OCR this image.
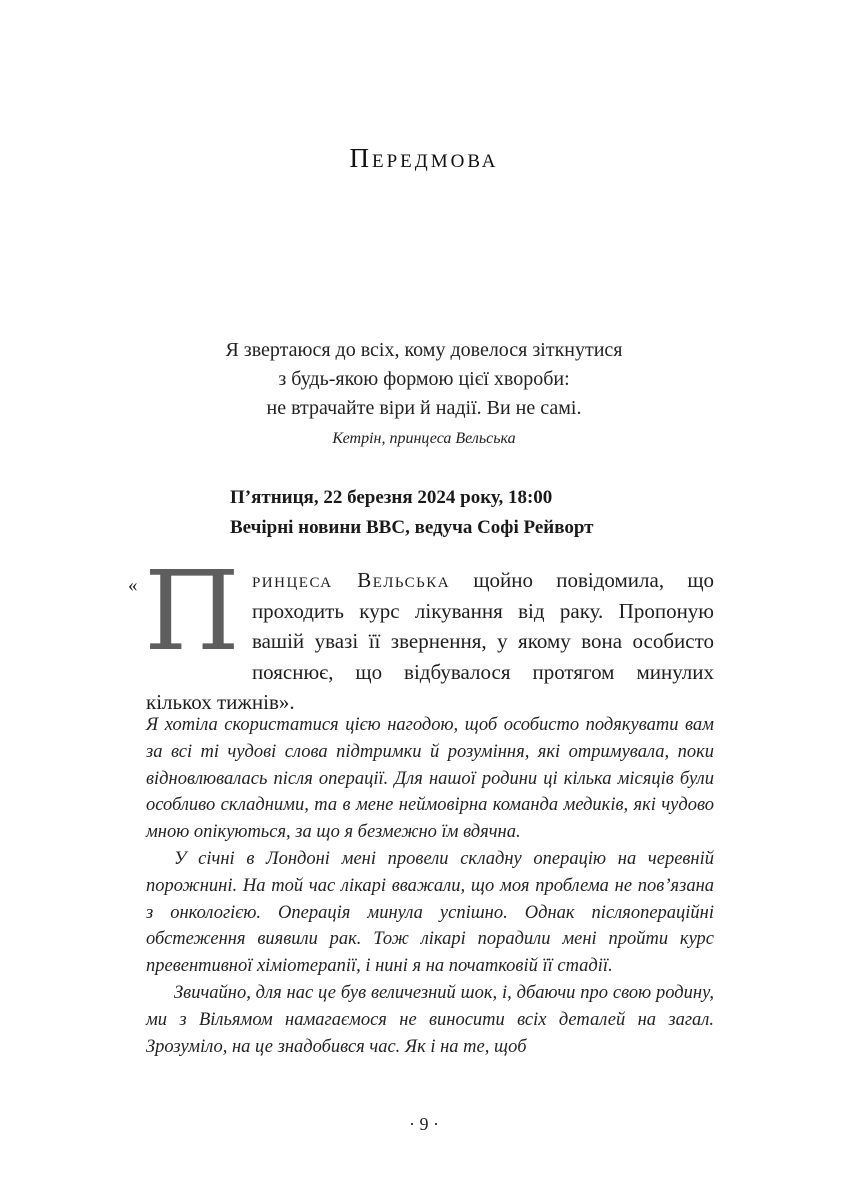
Передмова
Я звертаюся до всіх, кому довелося зіткнутися
з будь-якою формою цієї хвороби:
не втрачайте віри й надії. Ви не самі.
Кетрін, принцеса Вельська
П’ятниця, 22 березня 2024 року, 18:00
Вечірні новини BBC, ведуча Софі Рейворт
« П ринцеса Вельська щойно повідомила, що проходить курс лікування від раку. Пропоную вашій увазі її звернення, у якому вона особисто пояснює, що відбувалося протягом минулих кількох тижнів».

Я хотіла скористатися цією нагодою, щоб особисто подякувати вам за всі ті чудові слова підтримки й розуміння, які отримувала, поки відновлювалась після операції. Для нашої родини ці кілька місяців були особливо складними, та в мене неймовірна команда медиків, які чудово мною опікуються, за що я безмежно їм вдячна.

У січні в Лондоні мені провели складну операцію на черевній порожнині. На той час лікарі вважали, що моя проблема не пов’язана з онкологією. Операція минула успішно. Однак післяопераційні обстеження виявили рак. Тож лікарі порадили мені пройти курс превентивної хіміотерапії, і нині я на початковій її стадії.

Звичайно, для нас це був величезний шок, і, дбаючи про свою родину, ми з Вільямом намагаємося не виносити всіх деталей на загал. Зрозуміло, на це знадобився час. Як і на те, щоб

· 9 ·
